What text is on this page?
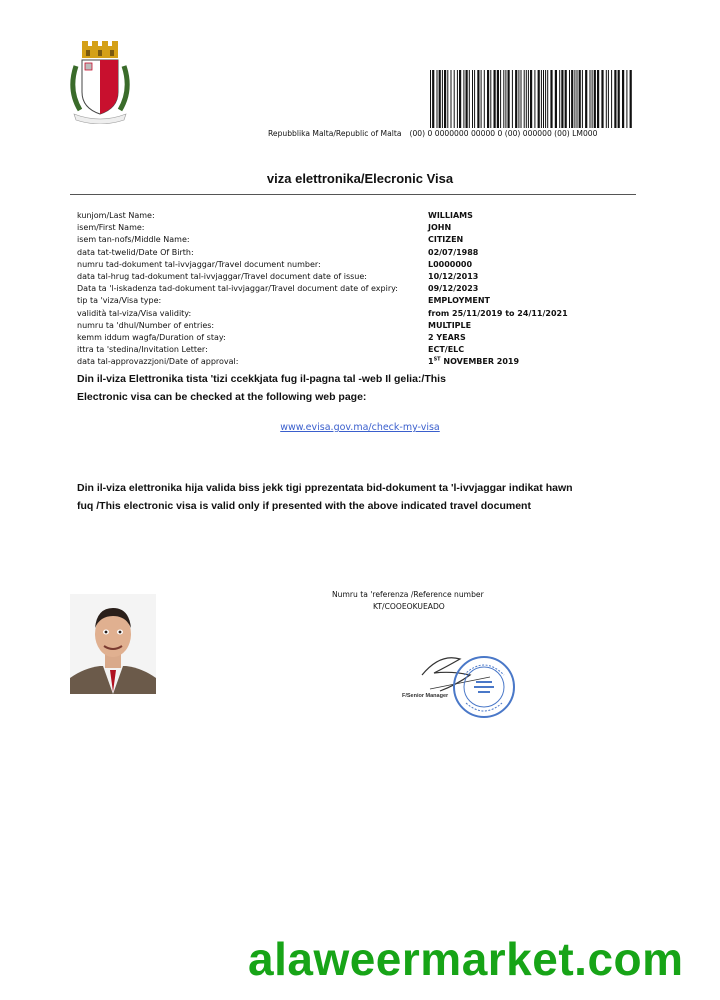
Repubblika Malta/Republic of Malta (00) 0 0000000 00000 0 (00) 000000 (00) LM000
viza elettronika/Elecronic Visa
kunjom/Last Name:	WILLIAMS
isem/First Name:	JOHN
isem tan-nofs/Middle Name:	CITIZEN
data tat-twelid/Date Of Birth:	02/07/1988
numru tad-dokument tal-ivvjaggar/Travel document number:	L0000000
data tal-hrug tad-dokument tal-ivvjaggar/Travel document date of issue:	10/12/2013
Data ta 'l-iskadenza tad-dokument tal-ivvjaggar/Travel document date of expiry:	09/12/2023
tip ta 'viza/Visa type:	EMPLOYMENT
validità tal-viza/Visa validity:	from 25/11/2019 to 24/11/2021
numru ta 'dhul/Number of entries:	MULTIPLE
kemm iddum wagfa/Duration of stay:	2 YEARS
ittra ta 'stedina/Invitation Letter:	ECT/ELC
data tal-approvazzjoni/Date of approval:	1ST NOVEMBER 2019
Din il-viza Elettronika tista 'tizi ccekkjata fug il-pagna tal -web Il gelia:/This Electronic visa can be checked at the following web page:
www.evisa.gov.ma/check-my-visa
Din il-viza elettronika hija valida biss jekk tigi pprezentata bid-dokument ta 'l-ivvjaggar indikat hawn fuq /This electronic visa is valid only if presented with the above indicated travel document
Numru ta 'referenza /Reference number
KT/COOEOKUEADO
F/Senior Manager
alaweermarket.com
